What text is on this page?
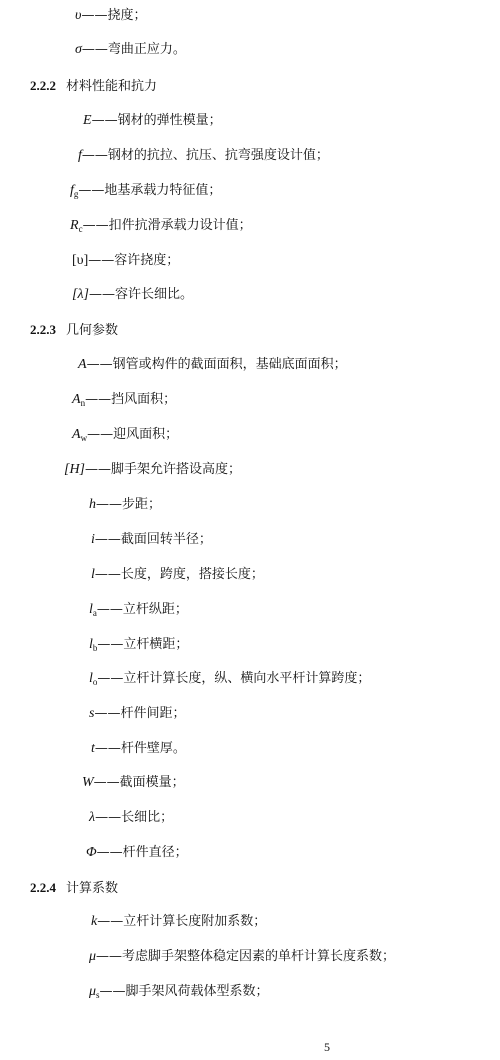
υ——挠度；
σ——弯曲正应力。
2.2.2 材料性能和抗力
E——钢材的弹性模量；
f——钢材的抗拉、抗压、抗弯强度设计值；
$f_g——$地基承载力特征值；
$R_c——$扣件抗滑承载力设计值；
[υ]——容许挠度；
[λ]——容许长细比。
2.2.3 几何参数
A——钢管或构件的截面面积，基础底面面积；
$A_n——$挡风面积；
$A_w——$迎风面积；
[H]——脚手架允许搭设高度；
h——步距；
i——截面回转半径；
l——长度，跨度，搭接长度；
$l_a——$立杆纵距；
$l_b——$立杆横距；
$l_o——$立杆计算长度，纵、横向水平杆计算跨度；
s——杆件间距；
t——杆件壁厚。
W——截面模量；
λ——长细比；
Φ——杆件直径；
2.2.4 计算系数
k——立杆计算长度附加系数；
μ——考虑脚手架整体稳定因素的单杆计算长度系数；
$\mu_s——$脚手架风荷载体型系数；
5
